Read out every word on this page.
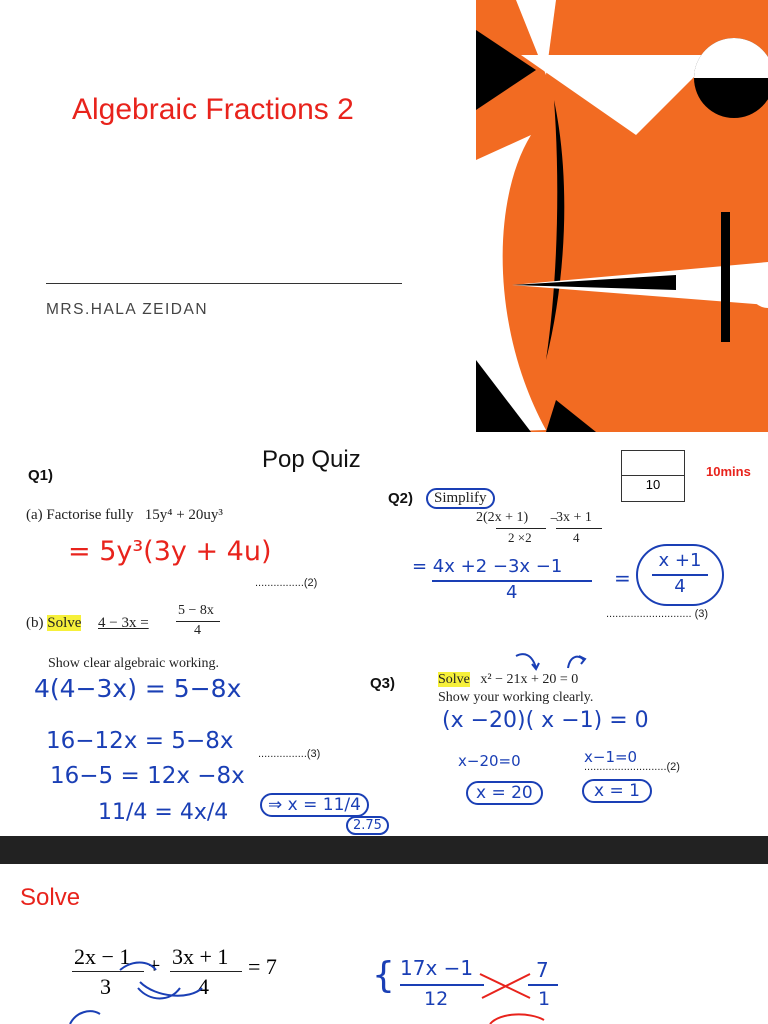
Algebraic Fractions 2
MRS.HALA ZEIDAN
Pop Quiz
10
10mins
Q1)
(a) Factorise fully 15y⁴ + 20uy³
= 5y³(3y + 4u)
................(2)
(b) Solve 4 − 3x =
5 − 8x
4
Show clear algebraic working.
4(4−3x) = 5−8x
16−12x = 5−8x
16−5 = 12x −8x
11/4 = 4x/4
................(3)
⇒ x = 11/4
2.75
Q2)	Simplify
2(2x + 1)
2 ×2
−
3x + 1
4
= 4x +2 −3x −1
4
=
x +1
4
............................ (3)
Q3)	Solve x² − 21x + 20 = 0
Show your working clearly.
(x −20)( x −1) = 0
x−20=0	x−1=0
...........................(2)
x = 20	x = 1
Solve
2x − 1
3
+ 3x + 1
4
= 7	{ 17x −1
12
7
1
